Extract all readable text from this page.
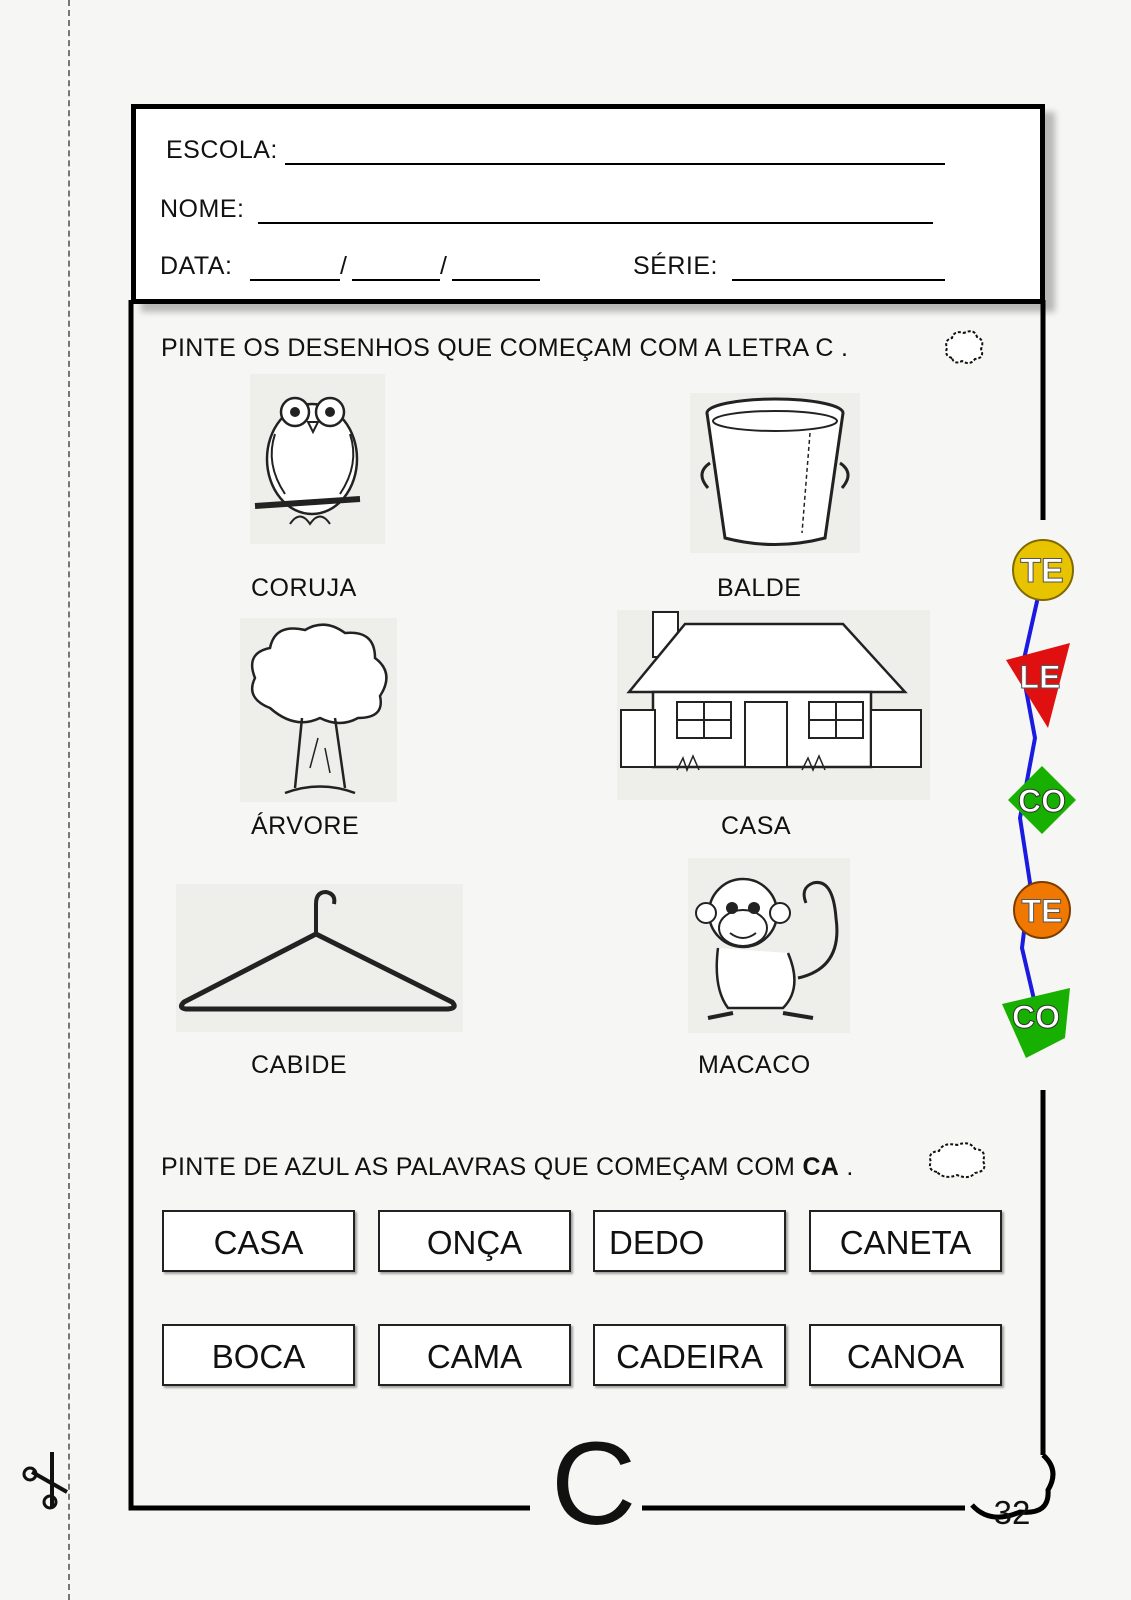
ESCOLA:
NOME:
DATA:	/	/	SÉRIE:
PINTE OS DESENHOS QUE COMEÇAM COM A LETRA C .
CORUJA	BALDE
ÁRVORE	CASA
CABIDE	MACACO
TE
LE
CO
TE
CO
PINTE DE AZUL AS PALAVRAS QUE COMEÇAM COM CA .
CASA	ONÇA	DEDO	CANETA
BOCA	CAMA	CADEIRA	CANOA
C	32
